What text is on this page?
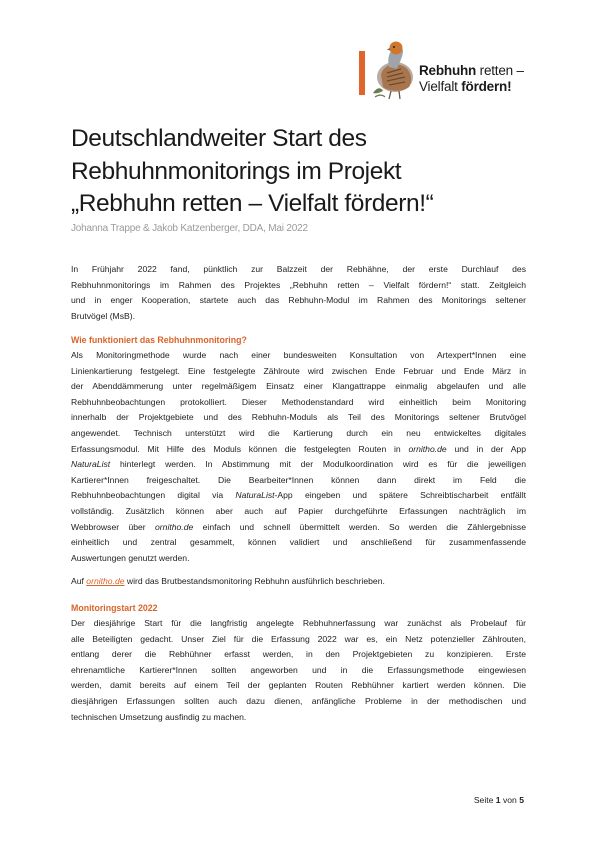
Rebhuhn retten –
Vielfalt fördern!
Deutschlandweiter Start des
Rebhuhnmonitorings im Projekt
„Rebhuhn retten – Vielfalt fördern!“
Johanna Trappe & Jakob Katzenberger, DDA, Mai 2022
In Frühjahr 2022 fand, pünktlich zur Balzzeit der Rebhähne, der erste Durchlauf des
Rebhuhnmonitorings im Rahmen des Projektes „Rebhuhn retten – Vielfalt fördern!“ statt. Zeitgleich
und in enger Kooperation, startete auch das Rebhuhn-Modul im Rahmen des Monitorings seltener
Brutvögel (MsB).
Wie funktioniert das Rebhuhnmonitoring?
Als Monitoringmethode wurde nach einer bundesweiten Konsultation von Artexpert*Innen eine
Linienkartierung festgelegt. Eine festgelegte Zählroute wird zwischen Ende Februar und Ende März in
der Abenddämmerung unter regelmäßigem Einsatz einer Klangattrappe einmalig abgelaufen und alle
Rebhuhnbeobachtungen protokolliert. Dieser Methodenstandard wird einheitlich beim Monitoring
innerhalb der Projektgebiete und des Rebhuhn-Moduls als Teil des Monitorings seltener Brutvögel
angewendet. Technisch unterstützt wird die Kartierung durch ein neu entwickeltes digitales
Erfassungsmodul. Mit Hilfe des Moduls können die festgelegten Routen in ornitho.de und in der App
NaturaList hinterlegt werden. In Abstimmung mit der Modulkoordination wird es für die jeweiligen
Kartierer*Innen freigeschaltet. Die Bearbeiter*Innen können dann direkt im Feld die
Rebhuhnbeobachtungen digital via NaturaList-App eingeben und spätere Schreibtischarbeit entfällt
vollständig. Zusätzlich können aber auch auf Papier durchgeführte Erfassungen nachträglich im
Webbrowser über ornitho.de einfach und schnell übermittelt werden. So werden die Zählergebnisse
einheitlich und zentral gesammelt, können validiert und anschließend für zusammenfassende
Auswertungen genutzt werden.
Auf ornitho.de wird das Brutbestandsmonitoring Rebhuhn ausführlich beschrieben.
Monitoringstart 2022
Der diesjährige Start für die langfristig angelegte Rebhuhnerfassung war zunächst als Probelauf für
alle Beteiligten gedacht. Unser Ziel für die Erfassung 2022 war es, ein Netz potenzieller Zählrouten,
entlang derer die Rebhühner erfasst werden, in den Projektgebieten zu konzipieren. Erste
ehrenamtliche Kartierer*Innen sollten angeworben und in die Erfassungsmethode eingewiesen
werden, damit bereits auf einem Teil der geplanten Routen Rebhühner kartiert werden können. Die
diesjährigen Erfassungen sollten auch dazu dienen, anfängliche Probleme in der methodischen und
technischen Umsetzung ausfindig zu machen.
Seite 1 von 5
